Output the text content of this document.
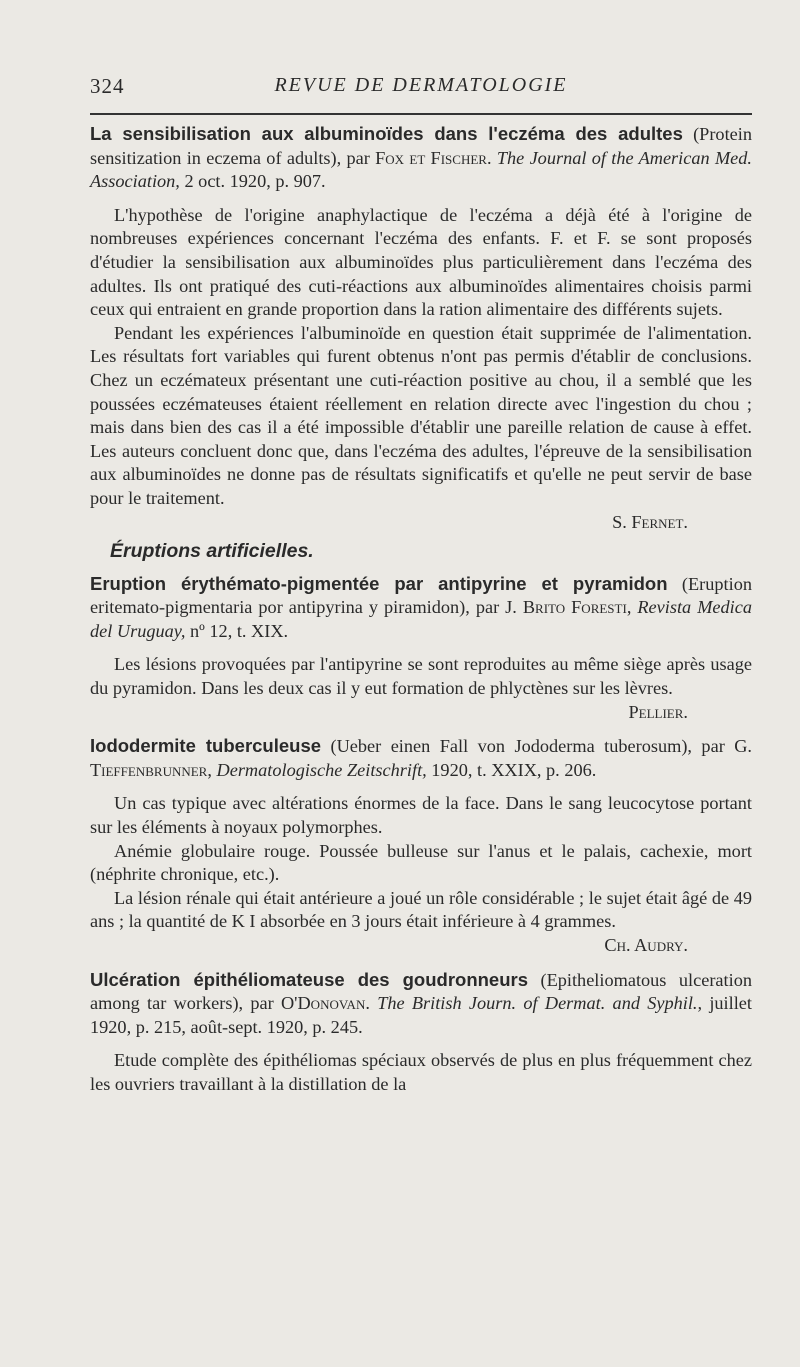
324	REVUE DE DERMATOLOGIE

La sensibilisation aux albuminoïdes dans l'eczéma des adultes (Protein sensitization in eczema of adults), par Fox et Fischer. The Journal of the American Med. Association, 2 oct. 1920, p. 907.

L'hypothèse de l'origine anaphylactique de l'eczéma a déjà été à l'origine de nombreuses expériences concernant l'eczéma des enfants. F. et F. se sont proposés d'étudier la sensibilisation aux albuminoïdes plus particulièrement dans l'eczéma des adultes. Ils ont pratiqué des cuti-réactions aux albuminoïdes alimentaires choisis parmi ceux qui entraient en grande proportion dans la ration alimentaire des différents sujets.

Pendant les expériences l'albuminoïde en question était supprimée de l'alimentation. Les résultats fort variables qui furent obtenus n'ont pas permis d'établir de conclusions. Chez un eczémateux présentant une cuti-réaction positive au chou, il a semblé que les poussées eczémateuses étaient réellement en relation directe avec l'ingestion du chou ; mais dans bien des cas il a été impossible d'établir une pareille relation de cause à effet. Les auteurs concluent donc que, dans l'eczéma des adultes, l'épreuve de la sensibilisation aux albuminoïdes ne donne pas de résultats significatifs et qu'elle ne peut servir de base pour le traitement.

S. Fernet.

Éruptions artificielles.

Eruption érythémato-pigmentée par antipyrine et pyramidon (Eruption eritemato-pigmentaria por antipyrina y piramidon), par J. Brito Foresti, Revista Medica del Uruguay, nº 12, t. XIX.

Les lésions provoquées par l'antipyrine se sont reproduites au même siège après usage du pyramidon. Dans les deux cas il y eut formation de phlyctènes sur les lèvres.

Pellier.

Iododermite tuberculeuse (Ueber einen Fall von Jododerma tuberosum), par G. Tieffenbrunner, Dermatologische Zeitschrift, 1920, t. XXIX, p. 206.

Un cas typique avec altérations énormes de la face. Dans le sang leucocytose portant sur les éléments à noyaux polymorphes.

Anémie globulaire rouge. Poussée bulleuse sur l'anus et le palais, cachexie, mort (néphrite chronique, etc.).

La lésion rénale qui était antérieure a joué un rôle considérable ; le sujet était âgé de 49 ans ; la quantité de K I absorbée en 3 jours était inférieure à 4 grammes.

Ch. Audry.

Ulcération épithéliomateuse des goudronneurs (Epitheliomatous ulceration among tar workers), par O'Donovan. The British Journ. of Dermat. and Syphil., juillet 1920, p. 215, août-sept. 1920, p. 245.

Etude complète des épithéliomas spéciaux observés de plus en plus fréquemment chez les ouvriers travaillant à la distillation de la
